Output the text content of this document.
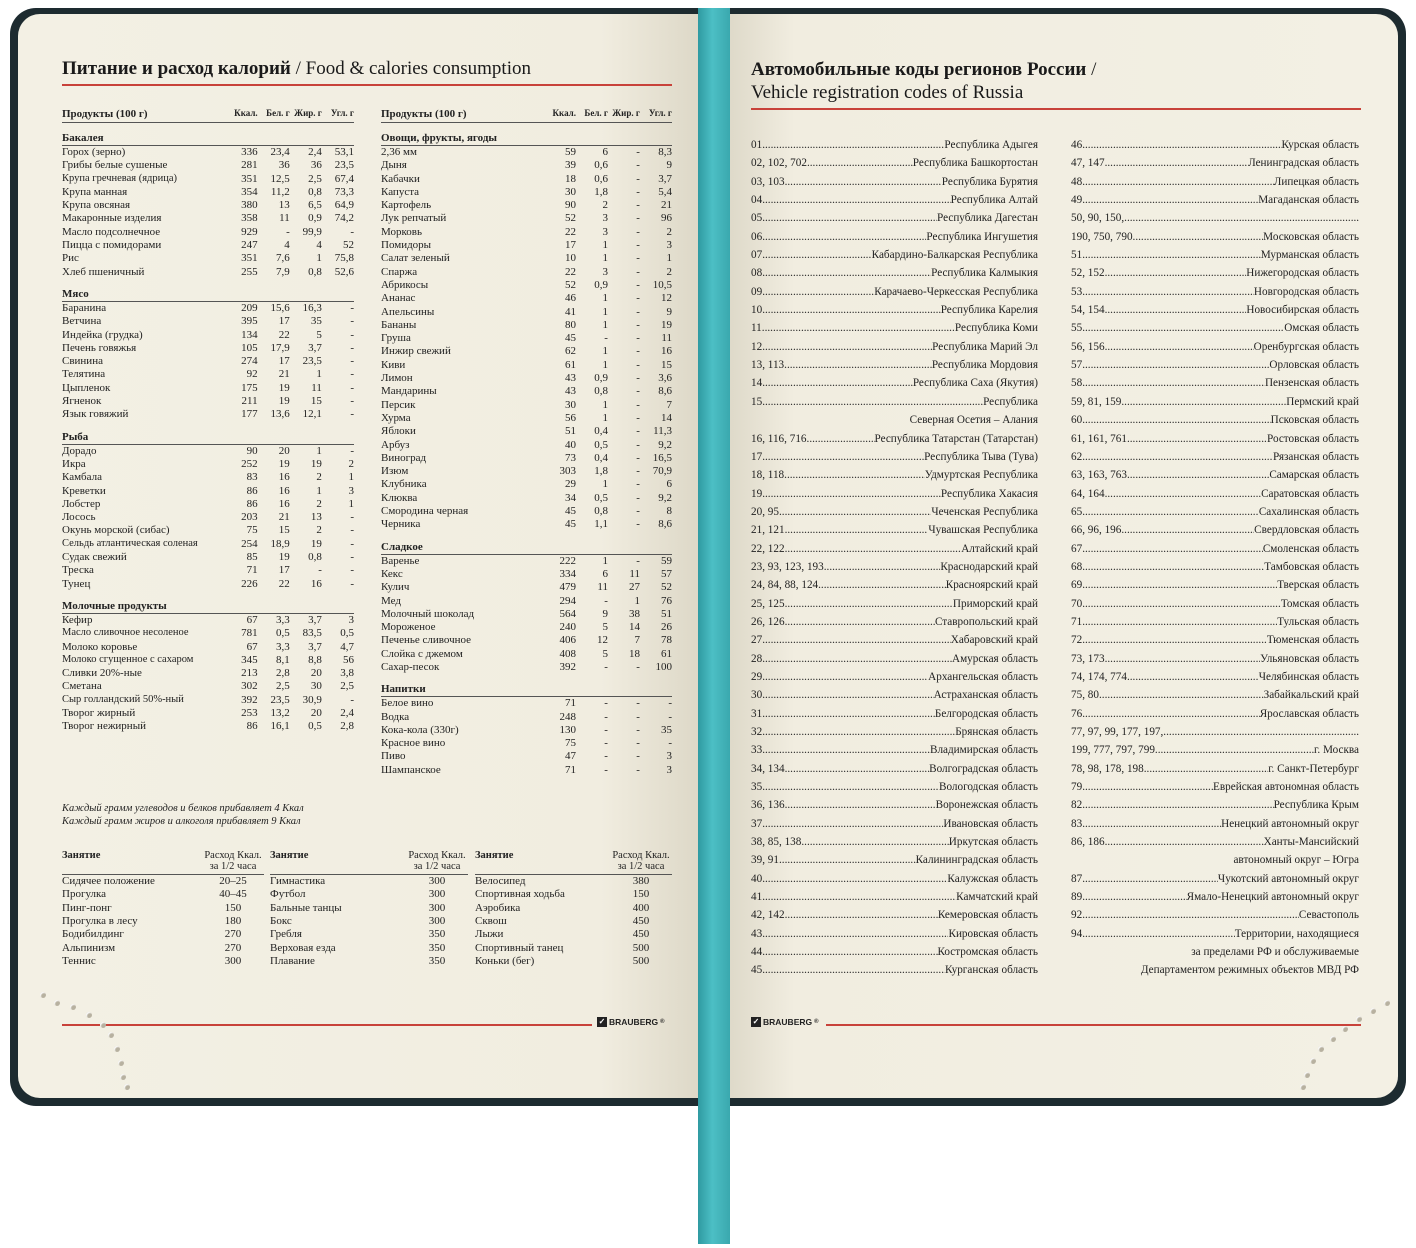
Питание и расход калорий / Food & calories consumption
Продукты (100 г)	Ккал.	Бел. г	Жир. г	Угл. г
Бакалея				
Горох (зерно)	336	23,4	2,4	53,1
Грибы белые сушеные	281	36	36	23,5
Крупа гречневая (ядрица)	351	12,5	2,5	67,4
Крупа манная	354	11,2	0,8	73,3
Крупа овсяная	380	13	6,5	64,9
Макаронные изделия	358	11	0,9	74,2
Масло подсолнечное	929	-	99,9	-
Пицца с помидорами	247	4	4	52
Рис	351	7,6	1	75,8
Хлеб пшеничный	255	7,9	0,8	52,6
Мясо				
Баранина	209	15,6	16,3	-
Ветчина	395	17	35	-
Индейка (грудка)	134	22	5	-
Печень говяжья	105	17,9	3,7	-
Свинина	274	17	23,5	-
Телятина	92	21	1	-
Цыпленок	175	19	11	-
Ягненок	211	19	15	-
Язык говяжий	177	13,6	12,1	-
Рыба				
Дорадо	90	20	1	-
Икра	252	19	19	2
Камбала	83	16	2	1
Креветки	86	16	1	3
Лобстер	86	16	2	1
Лосось	203	21	13	-
Окунь морской (сибас)	75	15	2	-
Сельдь атлантическая соленая	254	18,9	19	-
Судак свежий	85	19	0,8	-
Треска	71	17	-	-
Тунец	226	22	16	-
Молочные продукты				
Кефир	67	3,3	3,7	3
Масло сливочное несоленое	781	0,5	83,5	0,5
Молоко коровье	67	3,3	3,7	4,7
Молоко сгущенное с сахаром	345	8,1	8,8	56
Сливки 20%-ные	213	2,8	20	3,8
Сметана	302	2,5	30	2,5
Сыр голландский 50%-ный	392	23,5	30,9	-
Творог жирный	253	13,2	20	2,4
Творог нежирный	86	16,1	0,5	2,8
Продукты (100 г)	Ккал.	Бел. г	Жир. г	Угл. г
Овощи, фрукты, ягоды				
2,36 мм	59	6	-	8,3
Дыня	39	0,6	-	9
Кабачки	18	0,6	-	3,7
Капуста	30	1,8	-	5,4
Картофель	90	2	-	21
Лук репчатый	52	3	-	96
Морковь	22	3	-	2
Помидоры	17	1	-	3
Салат зеленый	10	1	-	1
Спаржа	22	3	-	2
Абрикосы	52	0,9	-	10,5
Ананас	46	1	-	12
Апельсины	41	1	-	9
Бананы	80	1	-	19
Груша	45	-	-	11
Инжир свежий	62	1	-	16
Киви	61	1	-	15
Лимон	43	0,9	-	3,6
Мандарины	43	0,8	-	8,6
Персик	30	1	-	7
Хурма	56	1	-	14
Яблоки	51	0,4	-	11,3
Арбуз	40	0,5	-	9,2
Виноград	73	0,4	-	16,5
Изюм	303	1,8	-	70,9
Клубника	29	1	-	6
Клюква	34	0,5	-	9,2
Смородина черная	45	0,8	-	8
Черника	45	1,1	-	8,6
Сладкое				
Варенье	222	1	-	59
Кекс	334	6	11	57
Кулич	479	11	27	52
Мед	294	-	1	76
Молочный шоколад	564	9	38	51
Мороженое	240	5	14	26
Печенье сливочное	406	12	7	78
Слойка с джемом	408	5	18	61
Сахар-песок	392	-	-	100
Напитки				
Белое вино	71	-	-	-
Водка	248	-	-	-
Кока-кола (330г)	130	-	-	35
Красное вино	75	-	-	-
Пиво	47	-	-	3
Шампанское	71	-	-	3
Каждый грамм углеводов и белков прибавляет 4 Ккал
Каждый грамм жиров и алкоголя прибавляет 9 Ккал
Занятие	Расход Ккал. за 1/2 часа
Сидячее положение	20–25
Прогулка	40–45
Пинг-понг	150
Прогулка в лесу	180
Бодибилдинг	270
Альпинизм	270
Теннис	300
Занятие	Расход Ккал. за 1/2 часа
Гимнастика	300
Футбол	300
Бальные танцы	300
Бокс	300
Гребля	350
Верховая езда	350
Плавание	350
Занятие	Расход Ккал. за 1/2 часа
Велосипед	380
Спортивная ходьба	150
Аэробика	400
Сквош	450
Лыжи	450
Спортивный танец	500
Коньки (бег)	500
✓ BRAUBERG ®
Автомобильные коды регионов России /
Vehicle registration codes of Russia
01 .....	Республика Адыгея
02, 102, 702 .....	Республика Башкортостан
03, 103 .....	Республика Бурятия
04 .....	Республика Алтай
05 .....	Республика Дагестан
06 .....	Республика Ингушетия
07 .....	Кабардино-Балкарская Республика
08 .....	Республика Калмыкия
09 .....	Карачаево-Черкесская Республика
10 .....	Республика Карелия
11 .....	Республика Коми
12 .....	Республика Марий Эл
13, 113 .....	Республика Мордовия
14 .....	Республика Саха (Якутия)
15 .....	Республика
Северная Осетия – Алания
16, 116, 716 .....	Республика Татарстан (Татарстан)
17 .....	Республика Тыва (Тува)
18, 118 .....	Удмуртская Республика
19 .....	Республика Хакасия
20, 95 .....	Чеченская Республика
21, 121 .....	Чувашская Республика
22, 122 .....	Алтайский край
23, 93, 123, 193 .....	Краснодарский край
24, 84, 88, 124 .....	Красноярский край
25, 125 .....	Приморский край
26, 126 .....	Ставропольский край
27 .....	Хабаровский край
28 .....	Амурская область
29 .....	Архангельская область
30 .....	Астраханская область
31 .....	Белгородская область
32 .....	Брянская область
33 .....	Владимирская область
34, 134 .....	Волгоградская область
35 .....	Вологодская область
36, 136 .....	Воронежская область
37 .....	Ивановская область
38, 85, 138 .....	Иркутская область
39, 91 .....	Калининградская область
40 .....	Калужская область
41 .....	Камчатский край
42, 142 .....	Кемеровская область
43 .....	Кировская область
44 .....	Костромская область
45 .....	Курганская область
46 .....	Курская область
47, 147 .....	Ленинградская область
48 .....	Липецкая область
49 .....	Магаданская область
50, 90, 150,
.....
190, 750, 790 .....	Московская область
51 .....	Мурманская область
52, 152 .....	Нижегородская область
53 .....	Новгородская область
54, 154 .....	Новосибирская область
55 .....	Омская область
56, 156 .....	Оренбургская область
57 .....	Орловская область
58 .....	Пензенская область
59, 81, 159 .....	Пермский край
60 .....	Псковская область
61, 161, 761 .....	Ростовская область
62 .....	Рязанская область
63, 163, 763 .....	Самарская область
64, 164 .....	Саратовская область
65 .....	Сахалинская область
66, 96, 196 .....	Свердловская область
67 .....	Смоленская область
68 .....	Тамбовская область
69 .....	Тверская область
70 .....	Томская область
71 .....	Тульская область
72 .....	Тюменская область
73, 173 .....	Ульяновская область
74, 174, 774 .....	Челябинская область
75, 80 .....	Забайкальский край
76 .....	Ярославская область
77, 97, 99, 177, 197,
.....
199, 777, 797, 799 .....	г. Москва
78, 98, 178, 198 .....	г. Санкт-Петербург
79 .....	Еврейская автономная область
82 .....	Республика Крым
83 .....	Ненецкий автономный округ
86, 186 .....	Ханты-Мансийский
автономный округ – Югра
87 .....	Чукотский автономный округ
89 .....	Ямало-Ненецкий автономный округ
92 .....	Севастополь
94 .....	Территории, находящиеся
за пределами РФ и обслуживаемые
Департаментом режимных объектов МВД РФ
✓ BRAUBERG ®
